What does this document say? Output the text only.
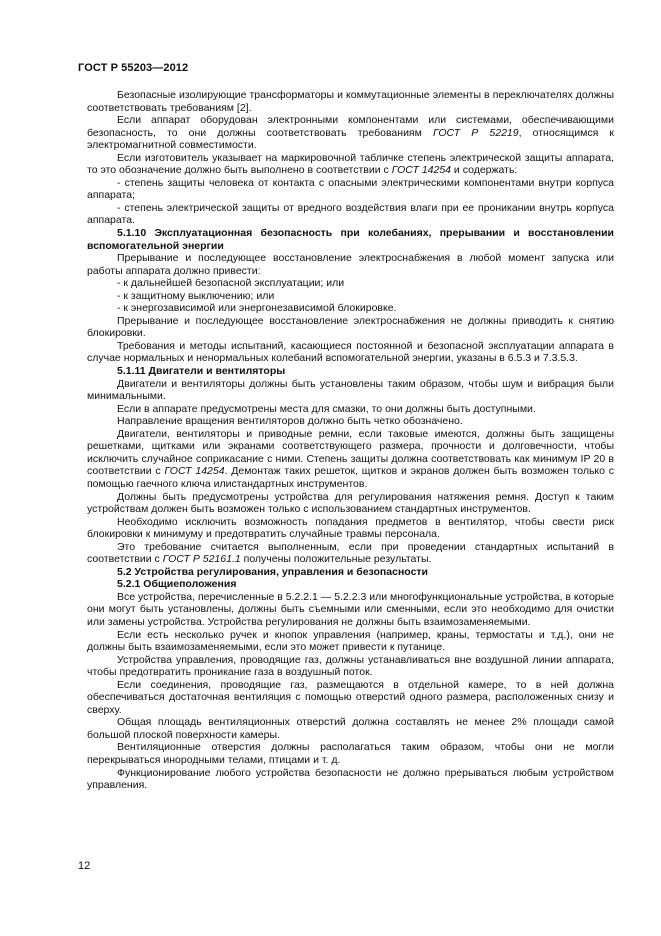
ГОСТ Р 55203—2012

Безопасные изолирующие трансформаторы и коммутационные элементы в переключателях должны соответствовать требованиям [2].

Если аппарат оборудован электронными компонентами или системами, обеспечивающими безопасность, то они должны соответствовать требованиям ГОСТ Р 52219, относящимся к электромагнитной совместимости.

Если изготовитель указывает на маркировочной табличке степень электрической защиты аппарата, то это обозначение должно быть выполнено в соответствии с ГОСТ 14254 и содержать:

- степень защиты человека от контакта с опасными электрическими компонентами внутри корпуса аппарата;

- степень электрической защиты от вредного воздействия влаги при ее проникании внутрь корпуса аппарата.

5.1.10 Эксплуатационная безопасность при колебаниях, прерывании и восстановлении вспомогательной энергии

Прерывание и последующее восстановление электроснабжения в любой момент запуска или работы аппарата должно привести:

- к дальнейшей безопасной эксплуатации; или

- к защитному выключению; или

- к энергозависимой или энергонезависимой блокировке.

Прерывание и последующее восстановление электроснабжения не должны приводить к снятию блокировки.

Требования и методы испытаний, касающиеся постоянной и безопасной эксплуатации аппарата в случае нормальных и ненормальных колебаний вспомогательной энергии, указаны в 6.5.3 и 7.3.5.3.

5.1.11 Двигатели и вентиляторы

Двигатели и вентиляторы должны быть установлены таким образом, чтобы шум и вибрация были минимальными.

Если в аппарате предусмотрены места для смазки, то они должны быть доступными.

Направление вращения вентиляторов должно быть четко обозначено.

Двигатели, вентиляторы и приводные ремни, если таковые имеются, должны быть защищены решетками, щитками или экранами соответствующего размера, прочности и долговечности, чтобы исключить случайное соприкасание с ними. Степень защиты должна соответствовать как минимум IP 20 в соответствии с ГОСТ 14254. Демонтаж таких решеток, щитков и экранов должен быть возможен только с помощью гаечного ключа илистандартных инструментов.

Должны быть предусмотрены устройства для регулирования натяжения ремня. Доступ к таким устройствам должен быть возможен только с использованием стандартных инструментов.

Необходимо исключить возможность попадания предметов в вентилятор, чтобы свести риск блокировки к минимуму и предотвратить случайные травмы персонала.

Это требование считается выполненным, если при проведении стандартных испытаний в соответствии с ГОСТ Р 52161.1 получены положительные результаты.

5.2 Устройства регулирования, управления и безопасности

5.2.1 Общиеположения

Все устройства, перечисленные в 5.2.2.1 — 5.2.2.3 или многофункциональные устройства, в которые они могут быть установлены, должны быть съемными или сменными, если это необходимо для очистки или замены устройства. Устройства регулирования не должны быть взаимозаменяемыми.

Если есть несколько ручек и кнопок управления (например, краны, термостаты и т.д.), они не должны быть взаимозаменяемыми, если это может привести к путанице.

Устройства управления, проводящие газ, должны устанавливаться вне воздушной линии аппарата, чтобы предотвратить проникание газа в воздушный поток.

Если соединения, проводящие газ, размещаются в отдельной камере, то в ней должна обеспечиваться достаточная вентиляция с помощью отверстий одного размера, расположенных снизу и сверху.

Общая площадь вентиляционных отверстий должна составлять не менее 2% площади самой большой плоской поверхности камеры.

Вентиляционные отверстия должны располагаться таким образом, чтобы они не могли перекрываться инородными телами, птицами и т. д.

Функционирование любого устройства безопасности не должно прерываться любым устройством управления.

12
